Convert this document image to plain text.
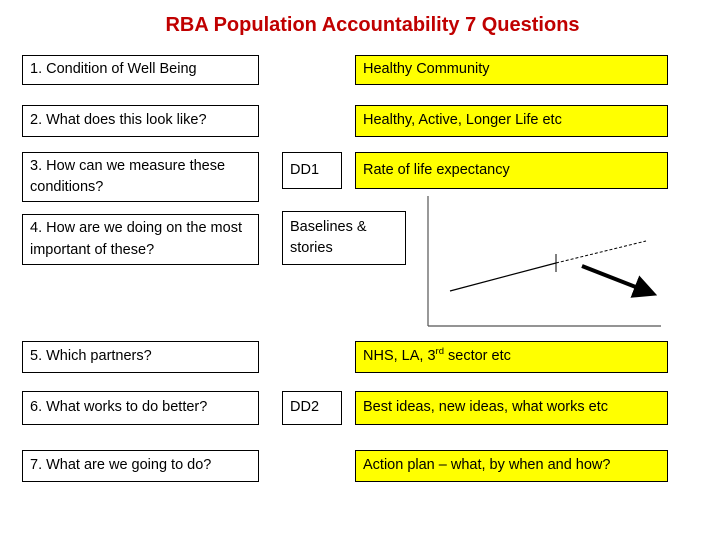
RBA Population Accountability 7 Questions
1. Condition of Well Being
2. What does this look like?
3. How can we measure these conditions?
4. How are we doing on the most important of these?
5. Which partners?
6. What works to do better?
7. What are we going to do?
DD1
Baselines & stories
DD2
Healthy Community
Healthy, Active, Longer Life etc
Rate of life expectancy
NHS, LA, 3rd sector etc
Best ideas, new ideas, what works etc
Action plan – what, by when and how?
